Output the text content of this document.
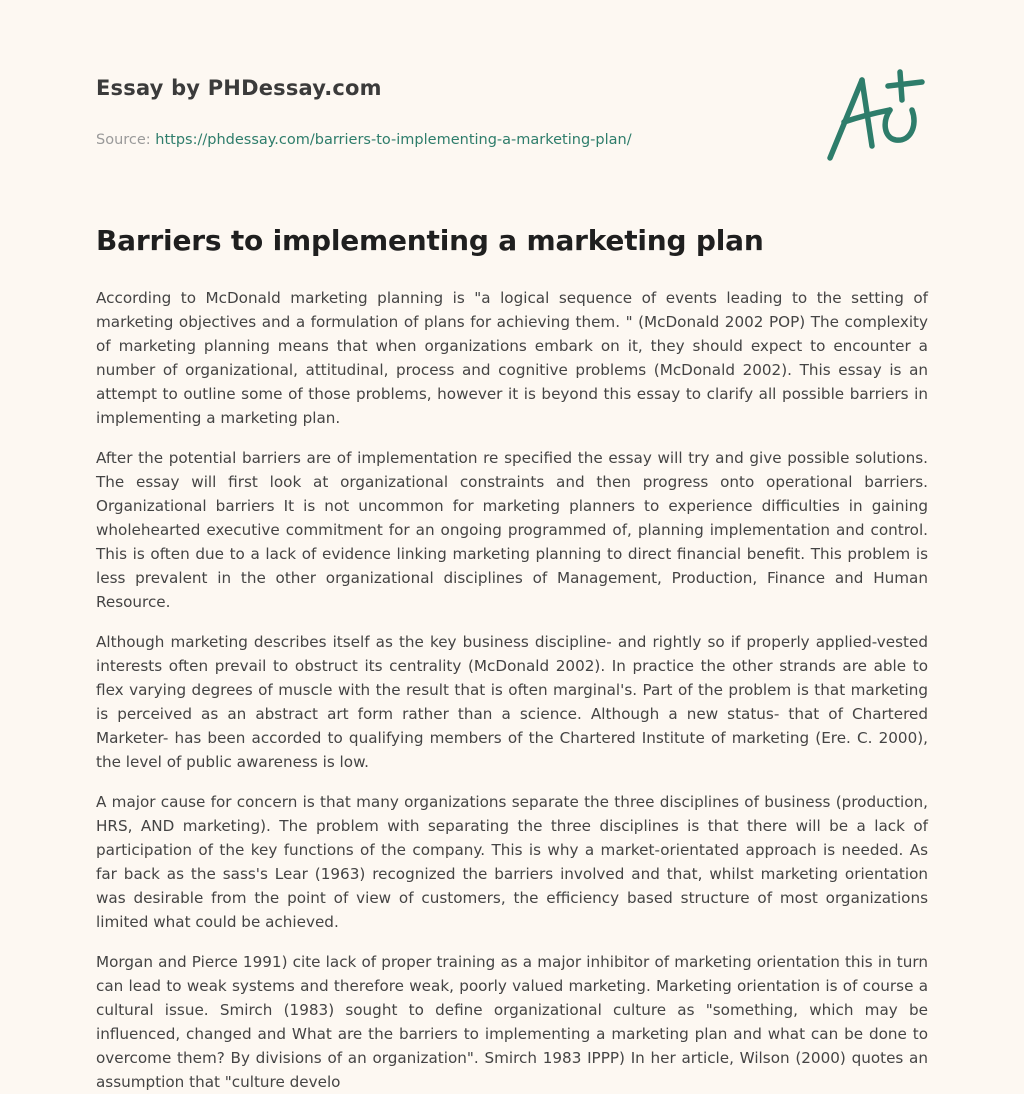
Essay by PHDessay.com

Source: https://phdessay.com/barriers-to-implementing-a-marketing-plan/
Barriers to implementing a marketing plan

According to McDonald marketing planning is "a logical sequence of events leading to the setting of marketing objectives and a formulation of plans for achieving them. " (McDonald 2002 POP) The complexity of marketing planning means that when organizations embark on it, they should expect to encounter a number of organizational, attitudinal, process and cognitive problems (McDonald 2002). This essay is an attempt to outline some of those problems, however it is beyond this essay to clarify all possible barriers in implementing a marketing plan.

After the potential barriers are of implementation re specified the essay will try and give possible solutions. The essay will first look at organizational constraints and then progress onto operational barriers. Organizational barriers It is not uncommon for marketing planners to experience difficulties in gaining wholehearted executive commitment for an ongoing programmed of, planning implementation and control. This is often due to a lack of evidence linking marketing planning to direct financial benefit. This problem is less prevalent in the other organizational disciplines of Management, Production, Finance and Human Resource.

Although marketing describes itself as the key business discipline- and rightly so if properly applied-vested interests often prevail to obstruct its centrality (McDonald 2002). In practice the other strands are able to flex varying degrees of muscle with the result that is often marginal's. Part of the problem is that marketing is perceived as an abstract art form rather than a science. Although a new status- that of Chartered Marketer- has been accorded to qualifying members of the Chartered Institute of marketing (Ere. C. 2000), the level of public awareness is low.

A major cause for concern is that many organizations separate the three disciplines of business (production, HRS, AND marketing). The problem with separating the three disciplines is that there will be a lack of participation of the key functions of the company. This is why a market-orientated approach is needed. As far back as the sass's Lear (1963) recognized the barriers involved and that, whilst marketing orientation was desirable from the point of view of customers, the efficiency based structure of most organizations limited what could be achieved.

Morgan and Pierce 1991) cite lack of proper training as a major inhibitor of marketing orientation this in turn can lead to weak systems and therefore weak, poorly valued marketing. Marketing orientation is of course a cultural issue. Smirch (1983) sought to define organizational culture as "something, which may be influenced, changed and What are the barriers to implementing a marketing plan and what can be done to overcome them? By divisions of an organization". Smirch 1983 IPPP) In her article, Wilson (2000) quotes an assumption that "culture develo
